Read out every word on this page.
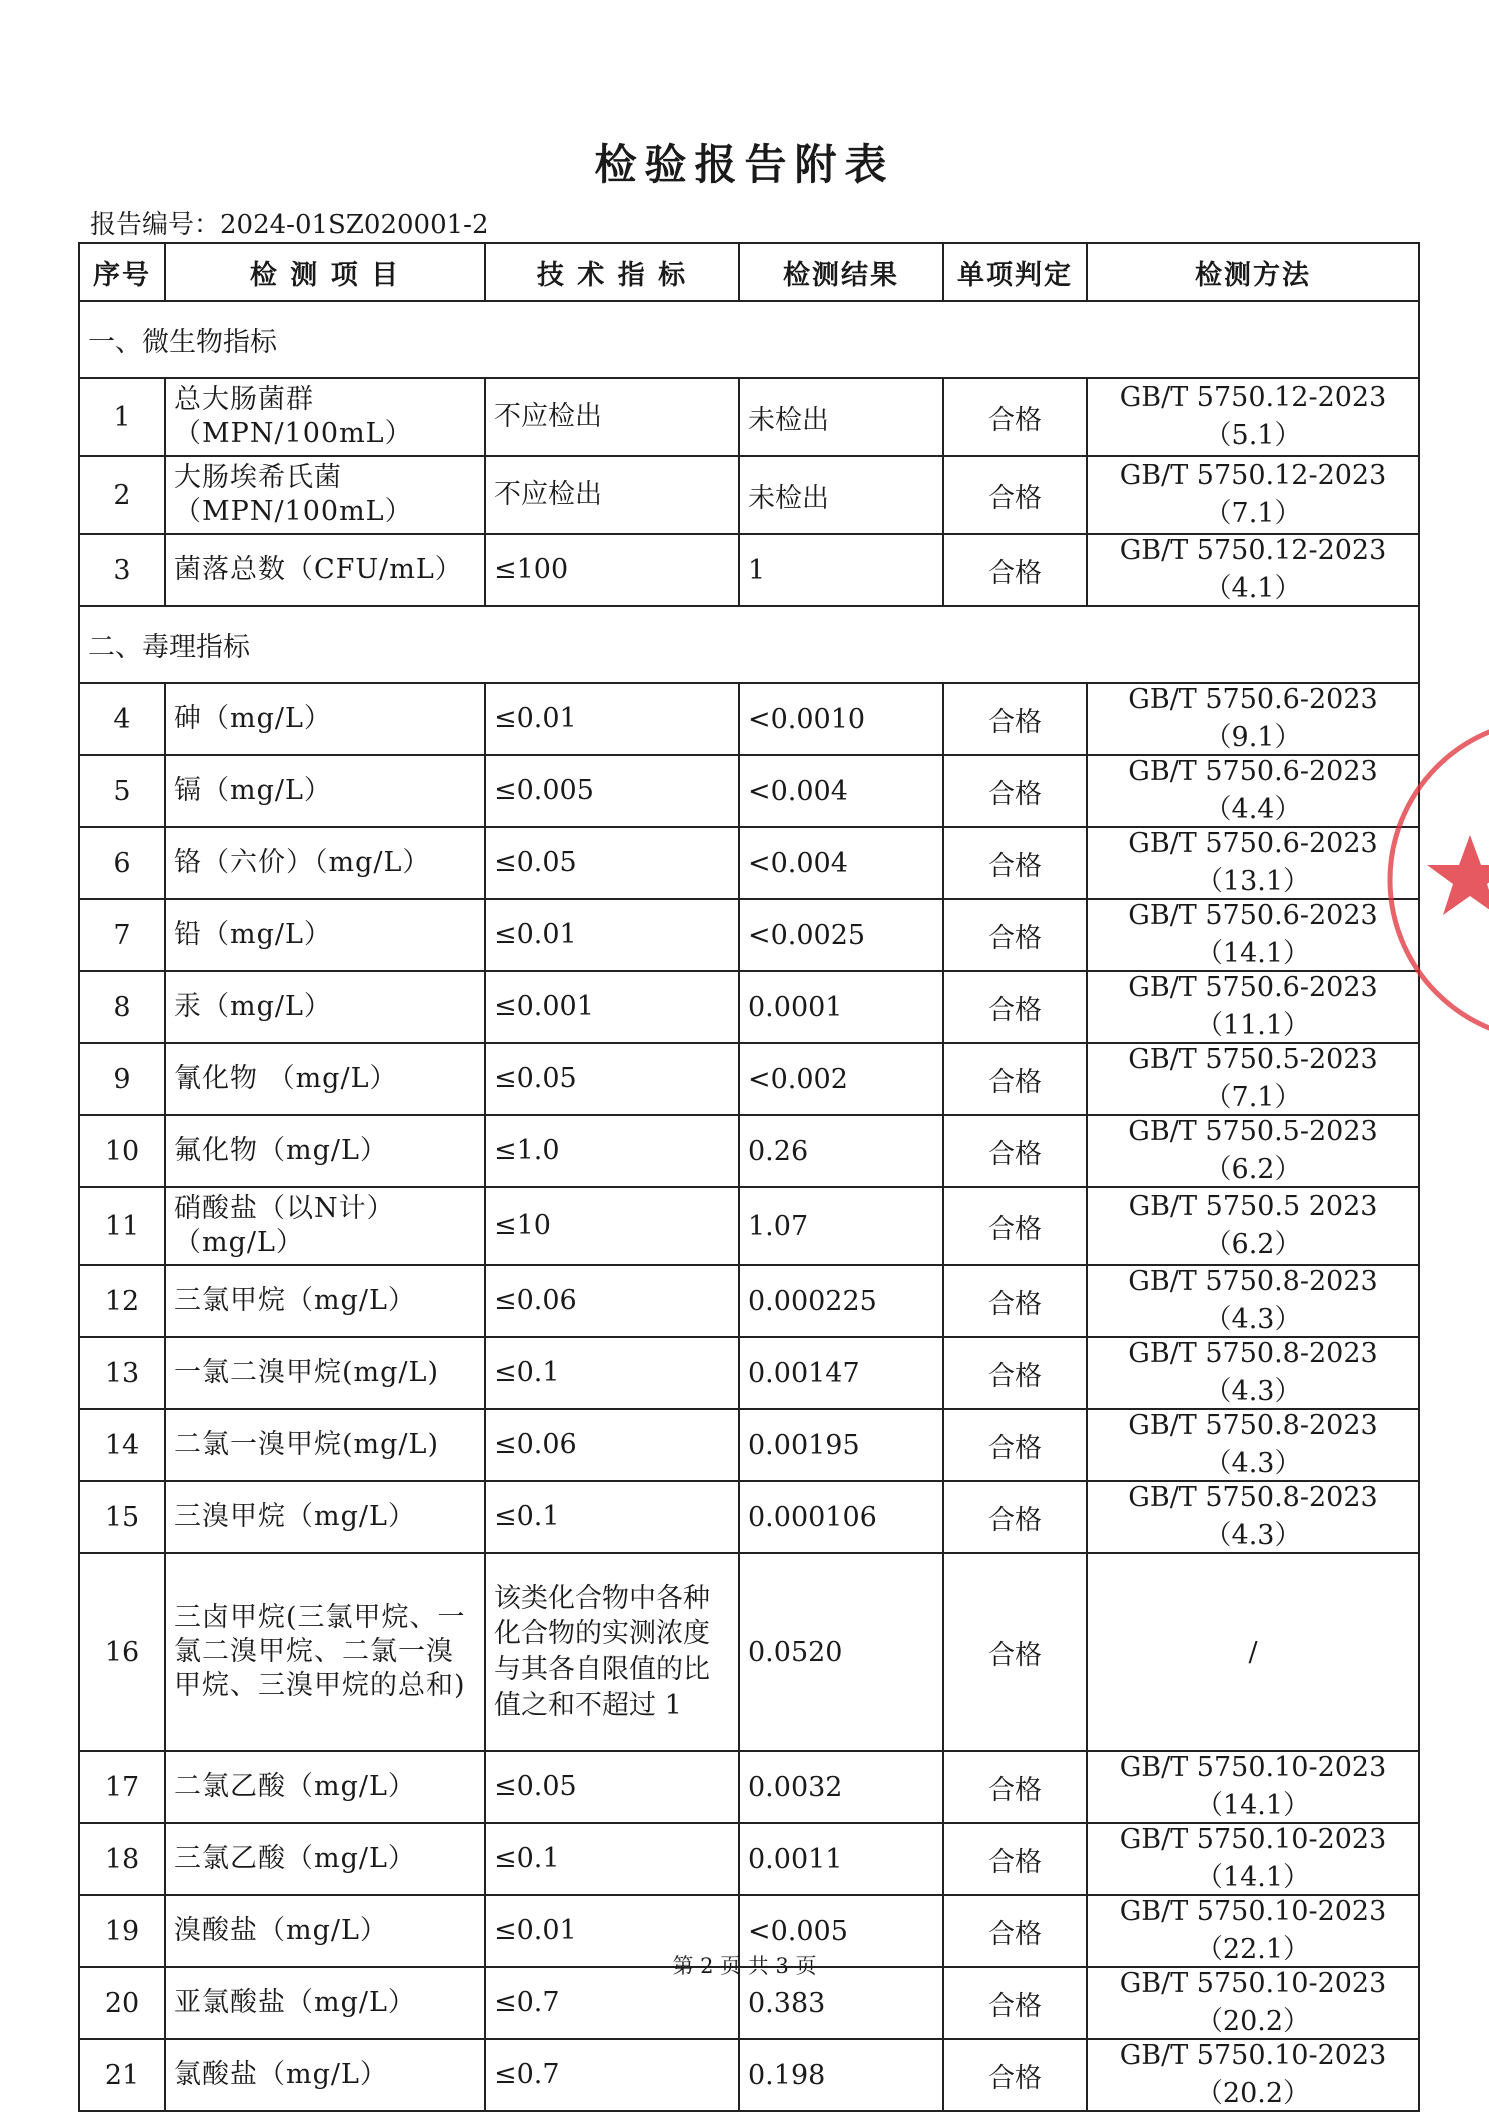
检验报告附表
报告编号：2024-01SZ020001-2
序号	检 测 项 目	技 术 指 标	检测结果	单项判定	检测方法
一、微生物指标					
1	总大肠菌群（MPN/100mL）	不应检出	未检出	合格	GB/T 5750.12-2023（5.1）
2	大肠埃希氏菌（MPN/100mL）	不应检出	未检出	合格	GB/T 5750.12-2023（7.1）
3	菌落总数（CFU/mL）	≤100	1	合格	GB/T 5750.12-2023（4.1）
二、毒理指标					
4	砷（mg/L）	≤0.01	<0.0010	合格	GB/T 5750.6-2023（9.1）
5	镉（mg/L）	≤0.005	<0.004	合格	GB/T 5750.6-2023（4.4）
6	铬（六价）（mg/L）	≤0.05	<0.004	合格	GB/T 5750.6-2023（13.1）
7	铅（mg/L）	≤0.01	<0.0025	合格	GB/T 5750.6-2023（14.1）
8	汞（mg/L）	≤0.001	0.0001	合格	GB/T 5750.6-2023（11.1）
9	氰化物 （mg/L）	≤0.05	<0.002	合格	GB/T 5750.5-2023（7.1）
10	氟化物（mg/L）	≤1.0	0.26	合格	GB/T 5750.5-2023（6.2）
11	硝酸盐（以N计）（mg/L）	≤10	1.07	合格	GB/T 5750.5 2023（6.2）
12	三氯甲烷（mg/L）	≤0.06	0.000225	合格	GB/T 5750.8-2023（4.3）
13	一氯二溴甲烷(mg/L)	≤0.1	0.00147	合格	GB/T 5750.8-2023（4.3）
14	二氯一溴甲烷(mg/L)	≤0.06	0.00195	合格	GB/T 5750.8-2023（4.3）
15	三溴甲烷（mg/L）	≤0.1	0.000106	合格	GB/T 5750.8-2023（4.3）
16	三卤甲烷(三氯甲烷、一氯二溴甲烷、二氯一溴甲烷、三溴甲烷的总和)	该类化合物中各种化合物的实测浓度与其各自限值的比值之和不超过 1	0.0520	合格	/
17	二氯乙酸（mg/L）	≤0.05	0.0032	合格	GB/T 5750.10-2023（14.1）
18	三氯乙酸（mg/L）	≤0.1	0.0011	合格	GB/T 5750.10-2023（14.1）
19	溴酸盐（mg/L）	≤0.01	<0.005	合格	GB/T 5750.10-2023（22.1）
20	亚氯酸盐（mg/L）	≤0.7	0.383	合格	GB/T 5750.10-2023（20.2）
21	氯酸盐（mg/L）	≤0.7	0.198	合格	GB/T 5750.10-2023（20.2）
第 2 页 共 3 页
